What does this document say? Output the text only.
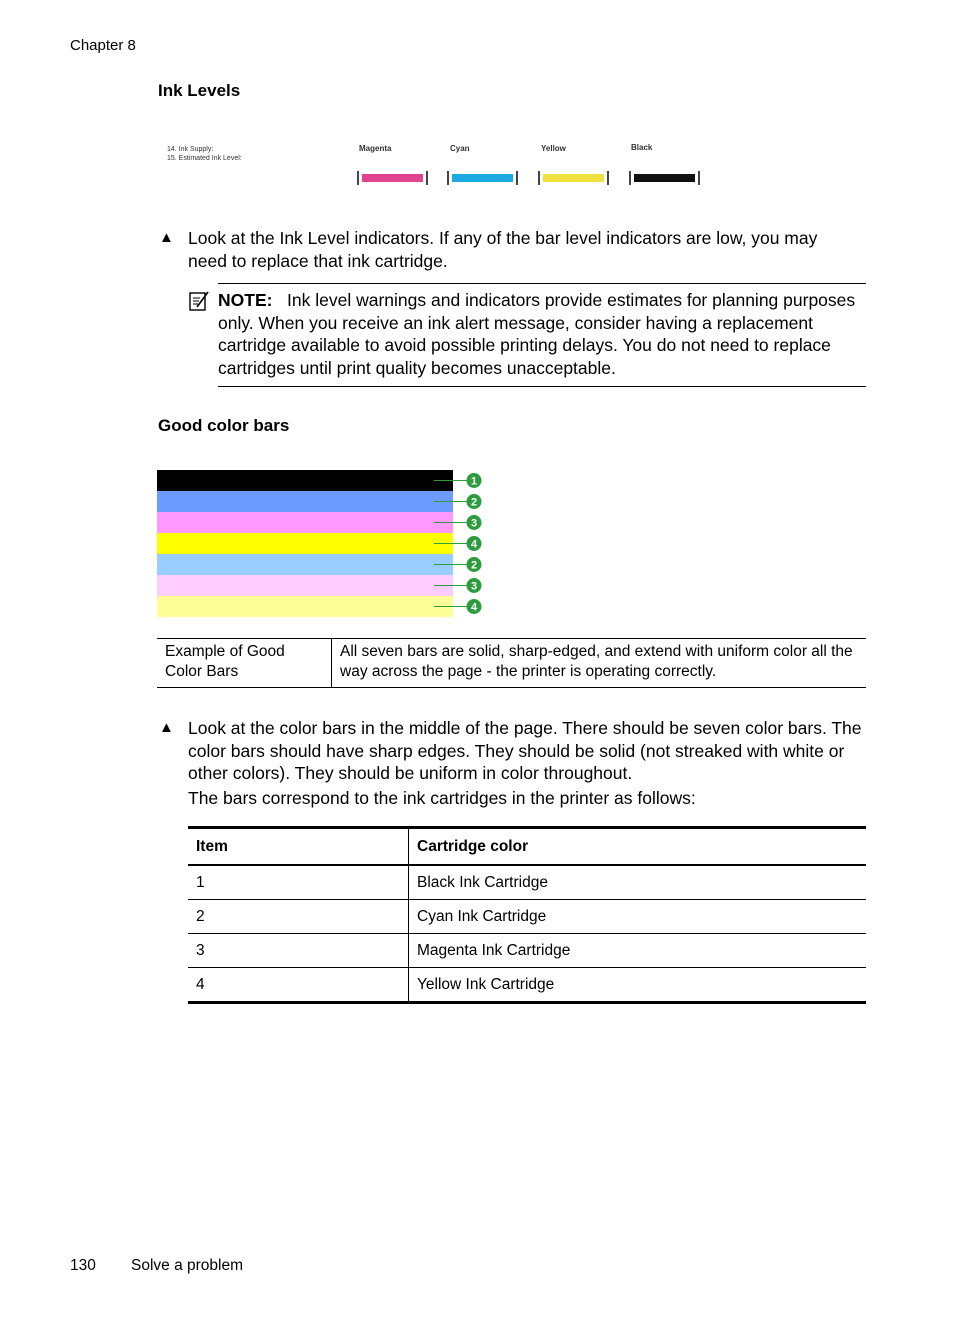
Chapter 8
Ink Levels
14. Ink Supply:
15. Estimated Ink Level:
Magenta	Cyan	Yellow	Black
▲ Look at the Ink Level indicators. If any of the bar level indicators are low, you may need to replace that ink cartridge.
NOTE: Ink level warnings and indicators provide estimates for planning purposes only. When you receive an ink alert message, consider having a replacement cartridge available to avoid possible printing delays. You do not need to replace cartridges until print quality becomes unacceptable.
Good color bars
1
2
3
4
2
3
4
Example of Good Color Bars	All seven bars are solid, sharp-edged, and extend with uniform color all the way across the page - the printer is operating correctly.
▲ Look at the color bars in the middle of the page. There should be seven color bars. The color bars should have sharp edges. They should be solid (not streaked with white or other colors). They should be uniform in color throughout.
The bars correspond to the ink cartridges in the printer as follows:
Item	Cartridge color
1	Black Ink Cartridge
2	Cyan Ink Cartridge
3	Magenta Ink Cartridge
4	Yellow Ink Cartridge
130 Solve a problem
